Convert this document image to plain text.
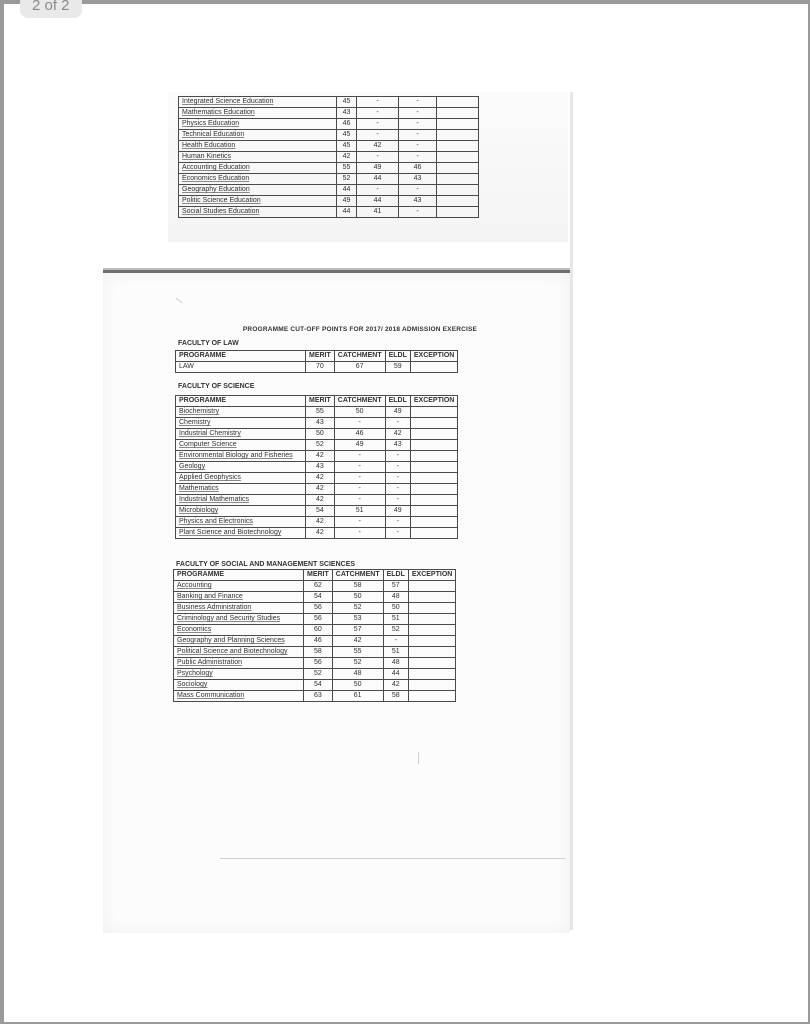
2 of 2
Integrated Science Education	45	-	-	
Mathematics Education	43	-	-	
Physics Education	46	-	-	
Technical Education	45	-	-	
Health Education	45	42	-	
Human Kinetics	42	-	-	
Accounting Education	55	49	46	
Economics Education	52	44	43	
Geography Education	44	-	-	
Politic Science Education	49	44	43	
Social Studies Education	44	41	-	
PROGRAMME CUT-OFF POINTS FOR 2017/ 2018 ADMISSION EXERCISE
FACULTY OF LAW
PROGRAMME	MERIT	CATCHMENT	ELDL	EXCEPTION
LAW	70	67	59	
FACULTY OF SCIENCE
PROGRAMME	MERIT	CATCHMENT	ELDL	EXCEPTION
Biochemistry	55	50	49	
Chemistry	43	-	-	
Industrial Chemistry	50	46	42	
Computer Science	52	49	43	
Environmental Biology and Fisheries	42	-	-	
Geology	43	-	-	
Applied Geophysics	42	-	-	
Mathematics	42	-	-	
Industrial Mathematics	42	-	-	
Microbiology	54	51	49	
Physics and Electronics	42	-	-	
Plant Science and Biotechnology	42	-	-	
FACULTY OF SOCIAL AND MANAGEMENT SCIENCES
PROGRAMME	MERIT	CATCHMENT	ELDL	EXCEPTION
Accounting	62	58	57	
Banking and Finance	54	50	48	
Business Administration	56	52	50	
Criminology and Security Studies	56	53	51	
Economics	60	57	52	
Geography and Planning Sciences	46	42	-	
Political Science and Biotechnology	58	55	51	
Public Administration	56	52	48	
Psychology	52	48	44	
Sociology	54	50	42	
Mass Communication	63	61	58	
